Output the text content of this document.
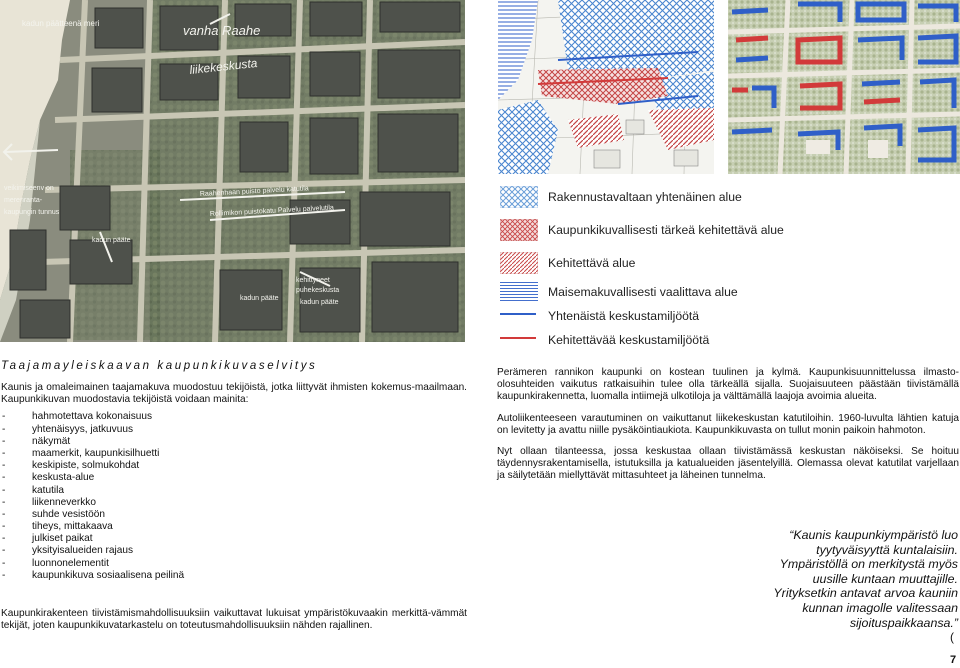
vanha Raahe
liikekeskusta
kadun päätteenä meri
veikimiseenv on
merenranta-
kaupungin tunnus
kadun pääte
kadun pääte
kadun pääte
Raahenhaan puisto palvelu katutila
Rollimikon puistokatu Palvelu palvelutila
kehittyneet
puhekeskusta
Rakennustavaltaan yhtenäinen alue
Kaupunkikuvallisesti tärkeä kehitettävä alue
Kehitettävä alue
Maisemakuvallisesti vaalittava alue
Yhtenäistä keskustamiljöötä
Kehitettävää keskustamiljöötä
Taajamayleiskaavan kaupunkikuvaselvitys

Kaunis ja omaleimainen taajamakuva muodostuu tekijöistä, jotka liittyvät ihmisten kokemus-maailmaan. Kaupunkikuvan muodostavia tekijöistä voidaan mainita:

- hahmotettava kokonaisuus
- yhtenäisyys, jatkuvuus
- näkymät
- maamerkit, kaupunkisilhuetti
- keskipiste, solmukohdat
- keskusta-alue
- katutila
- liikenneverkko
- suhde vesistöön
- tiheys, mittakaava
- julkiset paikat
- yksityisalueiden rajaus
- luonnonelementit
- kaupunkikuva sosiaalisena peilinä

Kaupunkirakenteen tiivistämismahdollisuuksiin vaikuttavat lukuisat ympäristökuvaakin merkittä-vämmät tekijät, joten kaupunkikuvatarkastelu on toteutusmahdollisuuksiin nähden rajallinen.

Perämeren rannikon kaupunki on kostean tuulinen ja kylmä. Kaupunkisuunnittelussa ilmasto-olosuhteiden vaikutus ratkaisuihin tulee olla tärkeällä sijalla. Suojaisuuteen päästään tiivistämällä kaupunkirakennetta, luomalla intiimejä ulkotiloja ja välttämällä laajoja avoimia alueita.

Autoliikenteeseen varautuminen on vaikuttanut liikekeskustan katutiloihin. 1960-luvulta lähtien katuja on levitetty ja avattu niille pysäköintiaukiota. Kaupunkikuvasta on tullut monin paikoin hahmoton.

Nyt ollaan tilanteessa, jossa keskustaa ollaan tiivistämässä keskustan näköiseksi. Se hoituu täydennysrakentamisella, istutuksilla ja katualueiden jäsentelyillä. Olemassa olevat katutilat varjellaan ja säilytetään miellyttävät mittasuhteet ja läheinen tunnelma.

“Kaunis kaupunkiympäristö luo tyytyväisyyttä kuntalaisiin. Ympäristöllä on merkitystä myös uusille kuntaan muuttajille. Yrityksetkin antavat arvoa kauniin kunnan imagolle valitessaan sijoituspaikkaansa.”
(
7
